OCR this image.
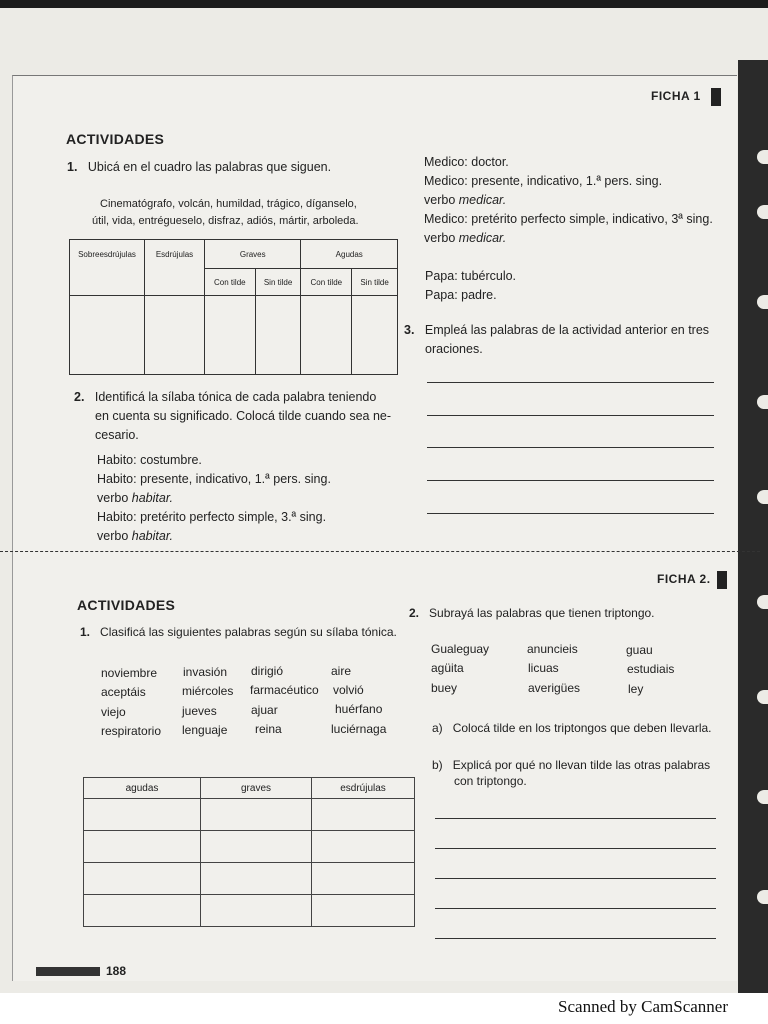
FICHA 1
ACTIVIDADES
1. Ubicá en el cuadro las palabras que siguen.
Cinematógrafo, volcán, humildad, trágico, díganselo,
útil, vida, entrégueselo, disfraz, adiós, mártir, arboleda.
Sobreesdrújulas	Esdrújulas	Graves		Agudas	
		Con tilde	Sin tilde	Con tilde	Sin tilde

2. Identificá la sílaba tónica de cada palabra teniendo
en cuenta su significado. Colocá tilde cuando sea ne-
cesario.
Habito: costumbre.
Habito: presente, indicativo, 1.ª pers. sing.
verbo habitar.
Habito: pretérito perfecto simple, 3.ª sing.
verbo habitar.
Medico: doctor.
Medico: presente, indicativo, 1.ª pers. sing.
verbo medicar.
Medico: pretérito perfecto simple, indicativo, 3ª sing.
verbo medicar.
Papa: tubérculo.
Papa: padre.
3. Empleá las palabras de la actividad anterior en tres
oraciones.
FICHA 2.
ACTIVIDADES
1. Clasificá las siguientes palabras según su sílaba tónica.
noviembre invasión dirigió	aire
aceptáis	miércoles farmacéutico volvió
viejo	jueves	ajuar	huérfano
respiratorio lenguaje reina	luciérnaga
agudas	graves	esdrújulas

2. Subrayá las palabras que tienen triptongo.
Gualeguay	anuncieis	guau
agüita	licuas	estudiais
buey	averigües	ley
a) Colocá tilde en los triptongos que deben llevarla.
b) Explicá por qué no llevan tilde las otras palabras
con triptongo.
188
Scanned by CamScanner
